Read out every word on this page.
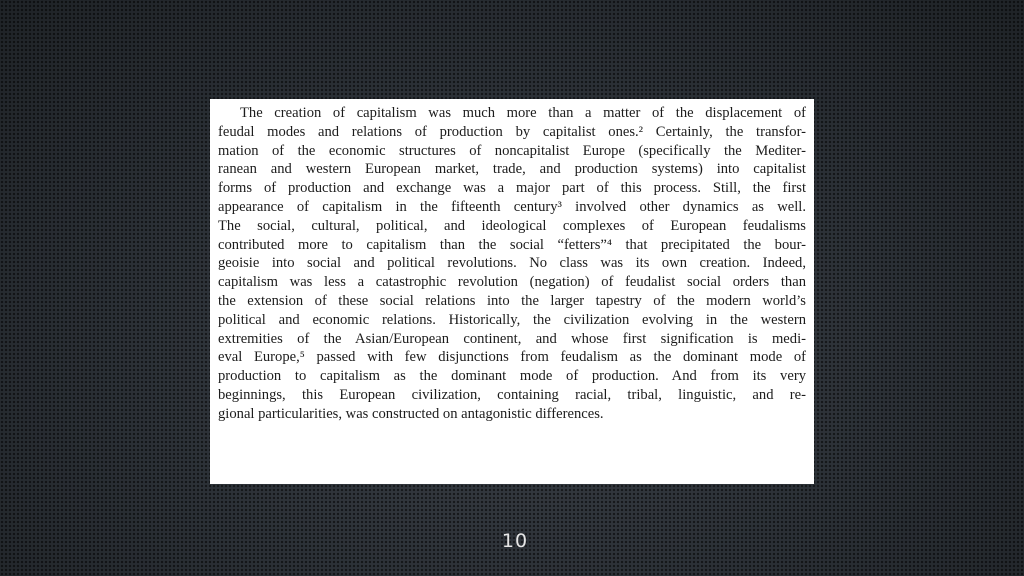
The creation of capitalism was much more than a matter of the displacement of
feudal modes and relations of production by capitalist ones.² Certainly, the transfor-
mation of the economic structures of noncapitalist Europe (specifically the Mediter-
ranean and western European market, trade, and production systems) into capitalist
forms of production and exchange was a major part of this process. Still, the first
appearance of capitalism in the fifteenth century³ involved other dynamics as well.
The social, cultural, political, and ideological complexes of European feudalisms
contributed more to capitalism than the social “fetters”⁴ that precipitated the bour-
geoisie into social and political revolutions. No class was its own creation. Indeed,
capitalism was less a catastrophic revolution (negation) of feudalist social orders than
the extension of these social relations into the larger tapestry of the modern world’s
political and economic relations. Historically, the civilization evolving in the western
extremities of the Asian/European continent, and whose first signification is medi-
eval Europe,⁵ passed with few disjunctions from feudalism as the dominant mode of
production to capitalism as the dominant mode of production. And from its very
beginnings, this European civilization, containing racial, tribal, linguistic, and re-
gional particularities, was constructed on antagonistic differences.
10
